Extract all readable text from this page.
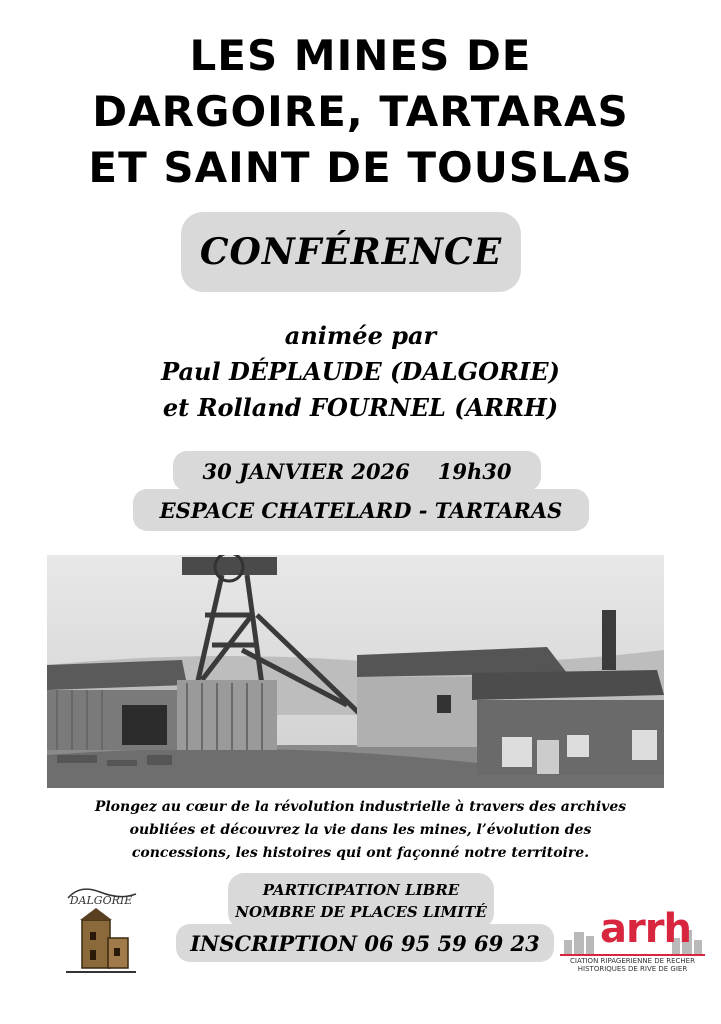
LES MINES DE
DARGOIRE, TARTARAS
ET SAINT DE TOUSLAS
CONFÉRENCE
animée par
Paul DÉPLAUDE (DALGORIE)
et Rolland FOURNEL (ARRH)
30 JANVIER 2026 19h30
ESPACE CHATELARD - TARTARAS
Plongez au cœur de la révolution industrielle à travers des archives
oubliées et découvrez la vie dans les mines, l’évolution des
concessions, les histoires qui ont façonné notre territoire.
PARTICIPATION LIBRE
NOMBRE DE PLACES LIMITÉ
INSCRIPTION 06 95 59 69 23
DALGORIE
arrh
CIATION RIPAGERIENNE DE RECHER
HISTORIQUES DE RIVE DE GIER
